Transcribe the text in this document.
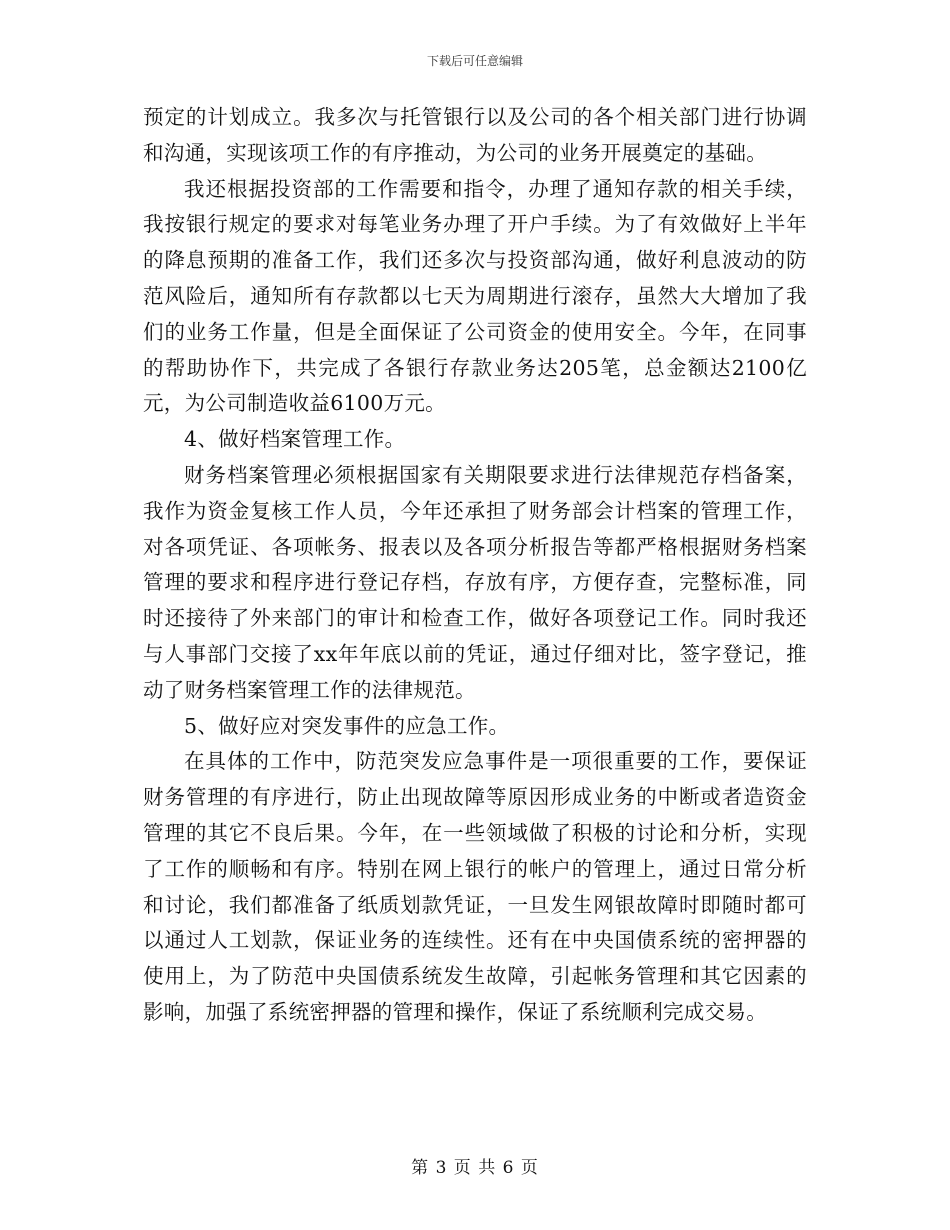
下载后可任意编辑

预定的计划成立。我多次与托管银行以及公司的各个相关部门进行协调和沟通，实现该项工作的有序推动，为公司的业务开展奠定的基础。

我还根据投资部的工作需要和指令，办理了通知存款的相关手续，我按银行规定的要求对每笔业务办理了开户手续。为了有效做好上半年的降息预期的准备工作，我们还多次与投资部沟通，做好利息波动的防范风险后，通知所有存款都以七天为周期进行滚存，虽然大大增加了我们的业务工作量，但是全面保证了公司资金的使用安全。今年，在同事的帮助协作下，共完成了各银行存款业务达205笔，总金额达2100亿元，为公司制造收益6100万元。

4、做好档案管理工作。

财务档案管理必须根据国家有关期限要求进行法律规范存档备案，我作为资金复核工作人员，今年还承担了财务部会计档案的管理工作，对各项凭证、各项帐务、报表以及各项分析报告等都严格根据财务档案管理的要求和程序进行登记存档，存放有序，方便存查，完整标准，同时还接待了外来部门的审计和检查工作，做好各项登记工作。同时我还与人事部门交接了xx年年底以前的凭证，通过仔细对比，签字登记，推动了财务档案管理工作的法律规范。

5、做好应对突发事件的应急工作。

在具体的工作中，防范突发应急事件是一项很重要的工作，要保证财务管理的有序进行，防止出现故障等原因形成业务的中断或者造资金管理的其它不良后果。今年，在一些领域做了积极的讨论和分析，实现了工作的顺畅和有序。特别在网上银行的帐户的管理上，通过日常分析和讨论，我们都准备了纸质划款凭证，一旦发生网银故障时即随时都可以通过人工划款，保证业务的连续性。还有在中央国债系统的密押器的使用上，为了防范中央国债系统发生故障，引起帐务管理和其它因素的影响，加强了系统密押器的管理和操作，保证了系统顺利完成交易。

第 3 页 共 6 页
